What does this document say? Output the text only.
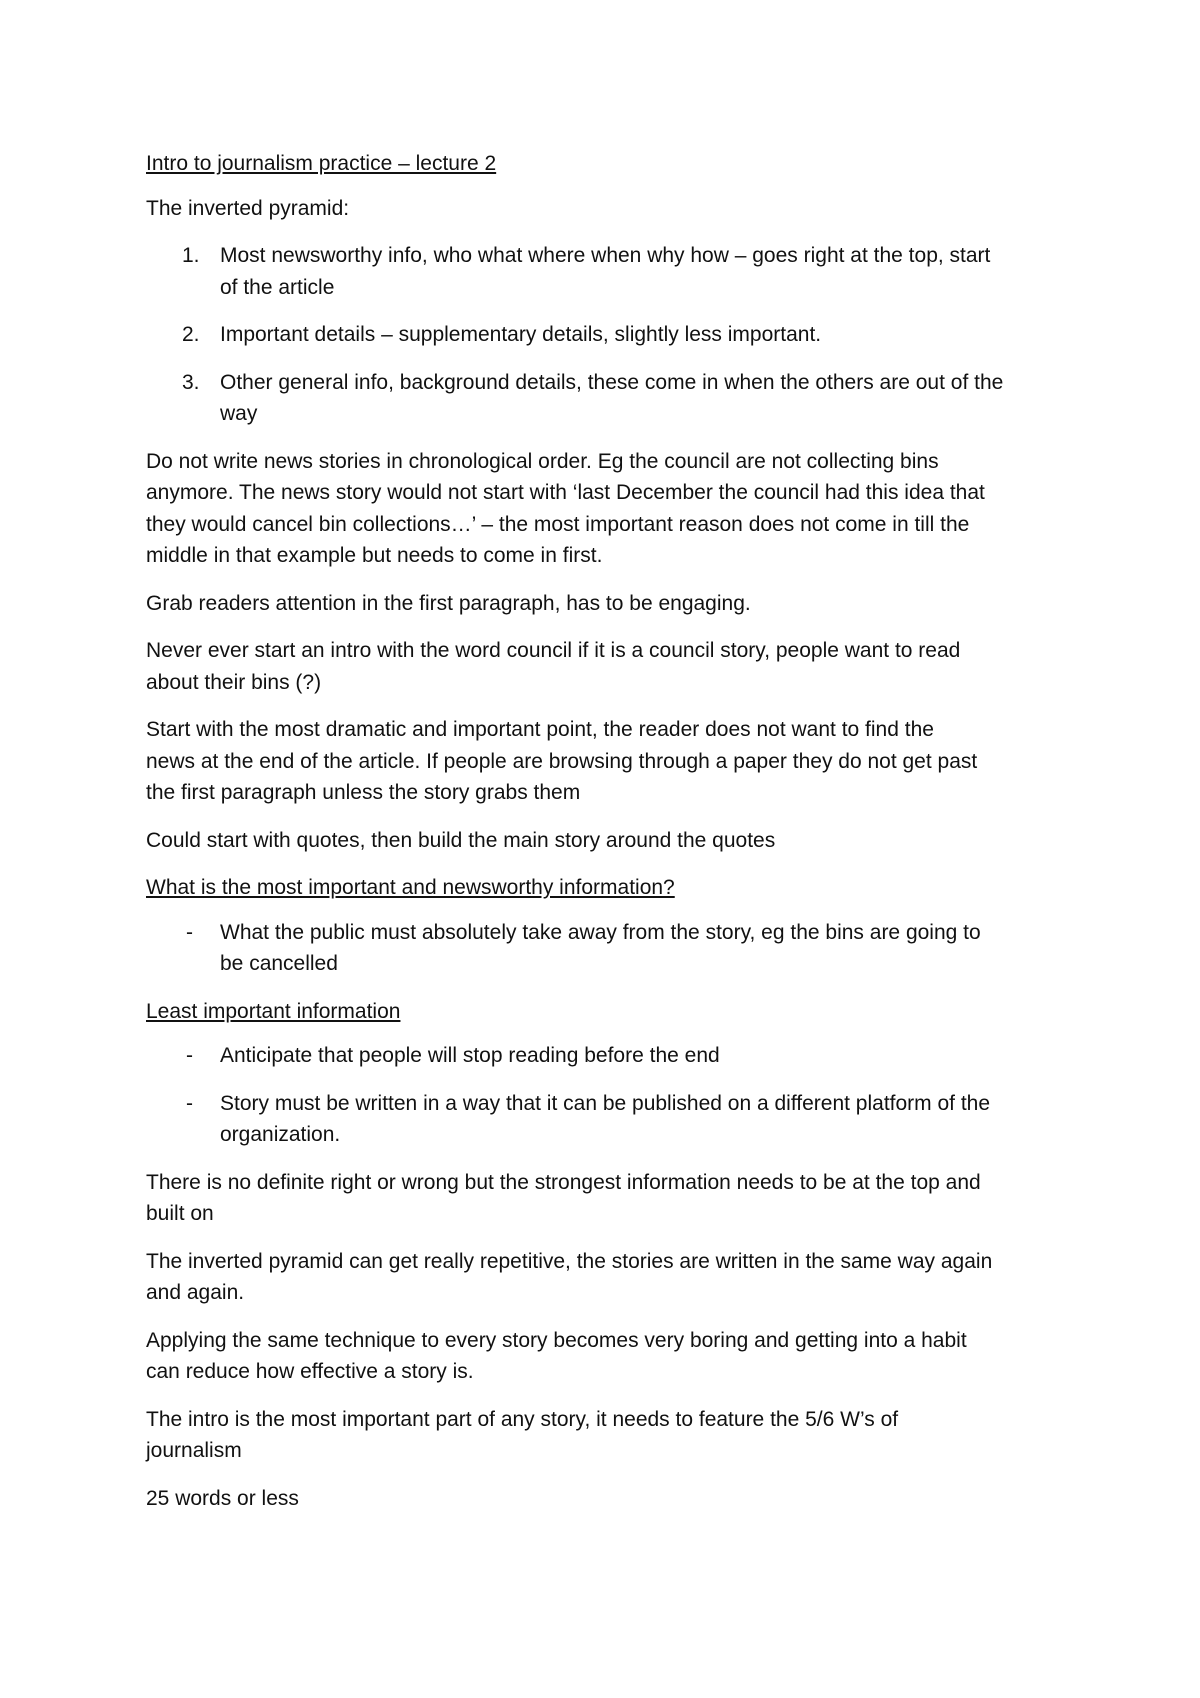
Intro to journalism practice – lecture 2

The inverted pyramid:

1. Most newsworthy info, who what where when why how – goes right at the top, start

of the article

2. Important details – supplementary details, slightly less important.

3. Other general info, background details, these come in when the others are out of the

way

Do not write news stories in chronological order. Eg the council are not collecting bins

anymore. The news story would not start with ‘last December the council had this idea that

they would cancel bin collections…’ – the most important reason does not come in till the

middle in that example but needs to come in first.

Grab readers attention in the first paragraph, has to be engaging.

Never ever start an intro with the word council if it is a council story, people want to read

about their bins (?)

Start with the most dramatic and important point, the reader does not want to find the

news at the end of the article. If people are browsing through a paper they do not get past

the first paragraph unless the story grabs them

Could start with quotes, then build the main story around the quotes

What is the most important and newsworthy information?

- What the public must absolutely take away from the story, eg the bins are going to

be cancelled

Least important information

- Anticipate that people will stop reading before the end

- Story must be written in a way that it can be published on a different platform of the

organization.

There is no definite right or wrong but the strongest information needs to be at the top and

built on

The inverted pyramid can get really repetitive, the stories are written in the same way again

and again.

Applying the same technique to every story becomes very boring and getting into a habit

can reduce how effective a story is.

The intro is the most important part of any story, it needs to feature the 5/6 W’s of

journalism

25 words or less
